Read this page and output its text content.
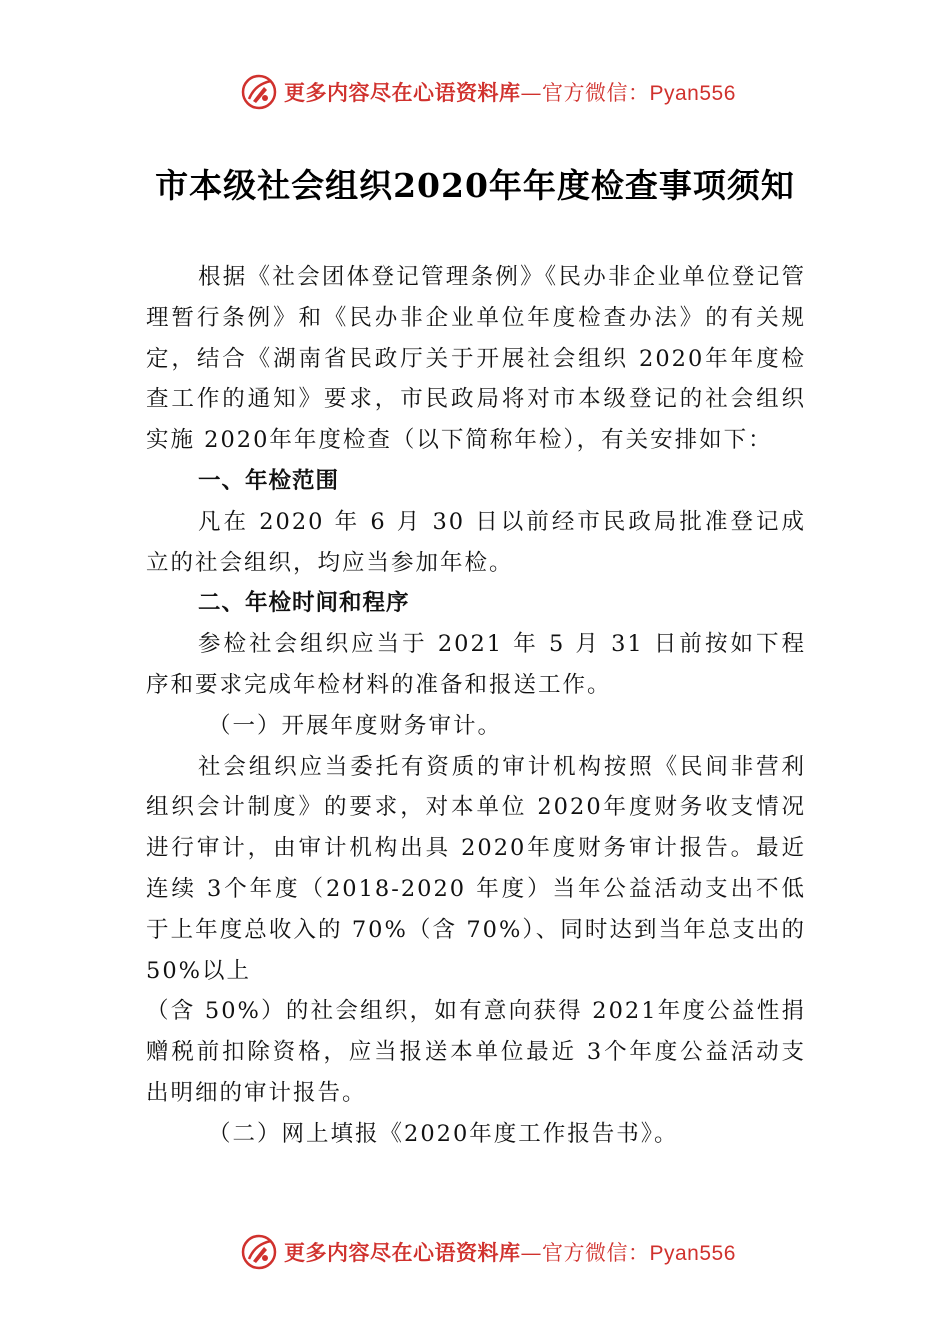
更多内容尽在心语资料库—官方微信：Pyan556
市本级社会组织2020年年度检查事项须知

根据《社会团体登记管理条例》《民办非企业单位登记管理暂行条例》和《民办非企业单位年度检查办法》的有关规定，结合《湖南省民政厅关于开展社会组织 2020年年度检查工作的通知》要求，市民政局将对市本级登记的社会组织实施 2020年年度检查（以下简称年检），有关安排如下：

一、年检范围

凡在 2020 年 6 月 30 日以前经市民政局批准登记成立的社会组织，均应当参加年检。

二、年检时间和程序

参检社会组织应当于 2021 年 5 月 31 日前按如下程序和要求完成年检材料的准备和报送工作。

（一）开展年度财务审计。

社会组织应当委托有资质的审计机构按照《民间非营利组织会计制度》的要求，对本单位 2020年度财务收支情况进行审计，由审计机构出具 2020年度财务审计报告。最近连续 3个年度（2018-2020 年度）当年公益活动支出不低于上年度总收入的 70%（含 70%）、同时达到当年总支出的 50%以上

（含 50%）的社会组织，如有意向获得 2021年度公益性捐赠税前扣除资格，应当报送本单位最近 3个年度公益活动支出明细的审计报告。

（二）网上填报《2020年度工作报告书》。

更多内容尽在心语资料库—官方微信：Pyan556
